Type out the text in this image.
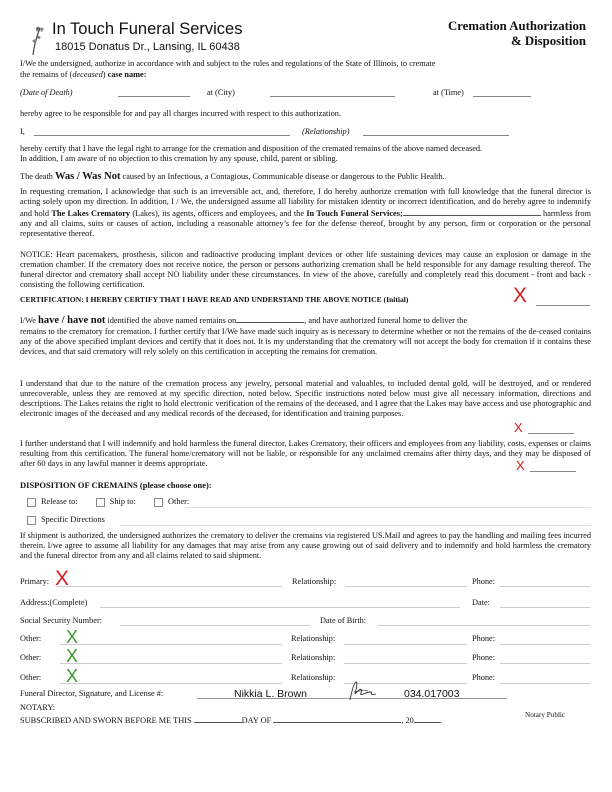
In Touch Funeral Services
18015 Donatus Dr., Lansing, IL 60438
Cremation Authorization
& Disposition
I/We the undersigned, authorize in accordance with and subject to the rules and regulations of the State of Illinois, to cremate
the remains of (deceased) case name:
(Date of Death)	at (City)	at (Time)
hereby agree to be responsible for and pay all charges incurred with respect to this authorization.
I,	(Relationship)
hereby certify that I have the legal right to arrange for the cremation and disposition of the cremated remains of the above named deceased.
In addition, I am aware of no objection to this cremation by any spouse, child, parent or sibling.
The death Was / Was Not caused by an Infectious, a Contagious, Communicable disease or dangerous to the Public Health.
In requesting cremation, I acknowledge that such is an irreversible act, and, therefore, I do hereby authorize cremation with full knowledge that the funeral director is acting solely upon my direction. In addition, I / We, the undersigned assume all liability for mistaken identity or incorrect identification, and do hereby agree to indemnify and hold The Lakes Crematory (Lakes), its agents, officers and employees, and the In Touch Funeral Services;	harmless from any and all claims, suits or causes of action, including a reasonable attorney’s fee for the defense thereof, brought by any person, firm or corporation or the personal representative thereof.
NOTICE: Heart pacemakers, prosthesis, silicon and radioactive producing implant devices or other life sustaining devices may cause an explosion or damage in the cremation chamber. If the crematory does not receive notice, the person or persons authorizing cremation shall be held responsible for any damage resulting thereof. The funeral director and crematory shall accept NO liability under these circumstances. In view of the above, carefully and completely read this document - front and back - consisting the following certification.
CERTIFICATION: I HEREBY CERTIFY THAT I HAVE READ AND UNDERSTAND THE ABOVE NOTICE (Initial)	X
I/We have / have not identified the above named remains on	, and have authorized funeral home to deliver the
remains to the crematory for cremation. I further certify that I/We have made such inquiry as is necessary to determine whether or not the remains of the de-ceased contains any of the above specified implant devices and certify that it does not. It is my understanding that the crematory will not accept the body for cremation if it contains these devices, and that said crematory will rely solely on this certification in accepting the remains for cremation.
I understand that due to the nature of the cremation process any jewelry, personal material and valuables, to included dental gold, will be destroyed, and or rendered unrecoverable, unless they are removed at my specific direction, noted below. Specific instructions noted below must give all necessary information, directions and descriptions. The Lakes retains the right to hold electronic verification of the remains of the deceased, and I agree that the Lakes may have access and use photographic and electronic images of the deceased and any medical records of the deceased, for identification and training purposes.
X
I further understand that I will indemnify and hold harmless the funeral director, Lakes Crematory, their officers and employees from any liability, costs, expenses or claims resulting from this certification. The funeral home/crematory will not be liable, or responsible for any unclaimed cremains after thirty days, and they may be disposed of after 60 days in any lawful manner it deems appropriate.	X
DISPOSITION OF CREMAINS (please choose one):
Release to:	Ship to:	Other:
Specific Directions
If shipment is authorized, the undersigned authorizes the crematory to deliver the cremains via registered US.Mail and agrees to pay the handling and mailing fees incurred therein. I/we agree to assume all liability for any damages that may arise from any cause growing out of said delivery and to indemnify and hold harmless the crematory and the funeral director from any and all claims related to said shipment.
Primary: X	Relationship:	Phone:
Address:(Complete)	Date:
Social Security Number:	Date of Birth:
Other: X	Relationship:	Phone:
Other: X	Relationship:	Phone:
Other: X	Relationship:	Phone:
Funeral Director, Signature, and License #:	Nikkia L. Brown	034.017003
NOTARY:
SUBSCRIBED AND SWORN BEFORE ME THIS	DAY OF	, 20	.
Notary Public
